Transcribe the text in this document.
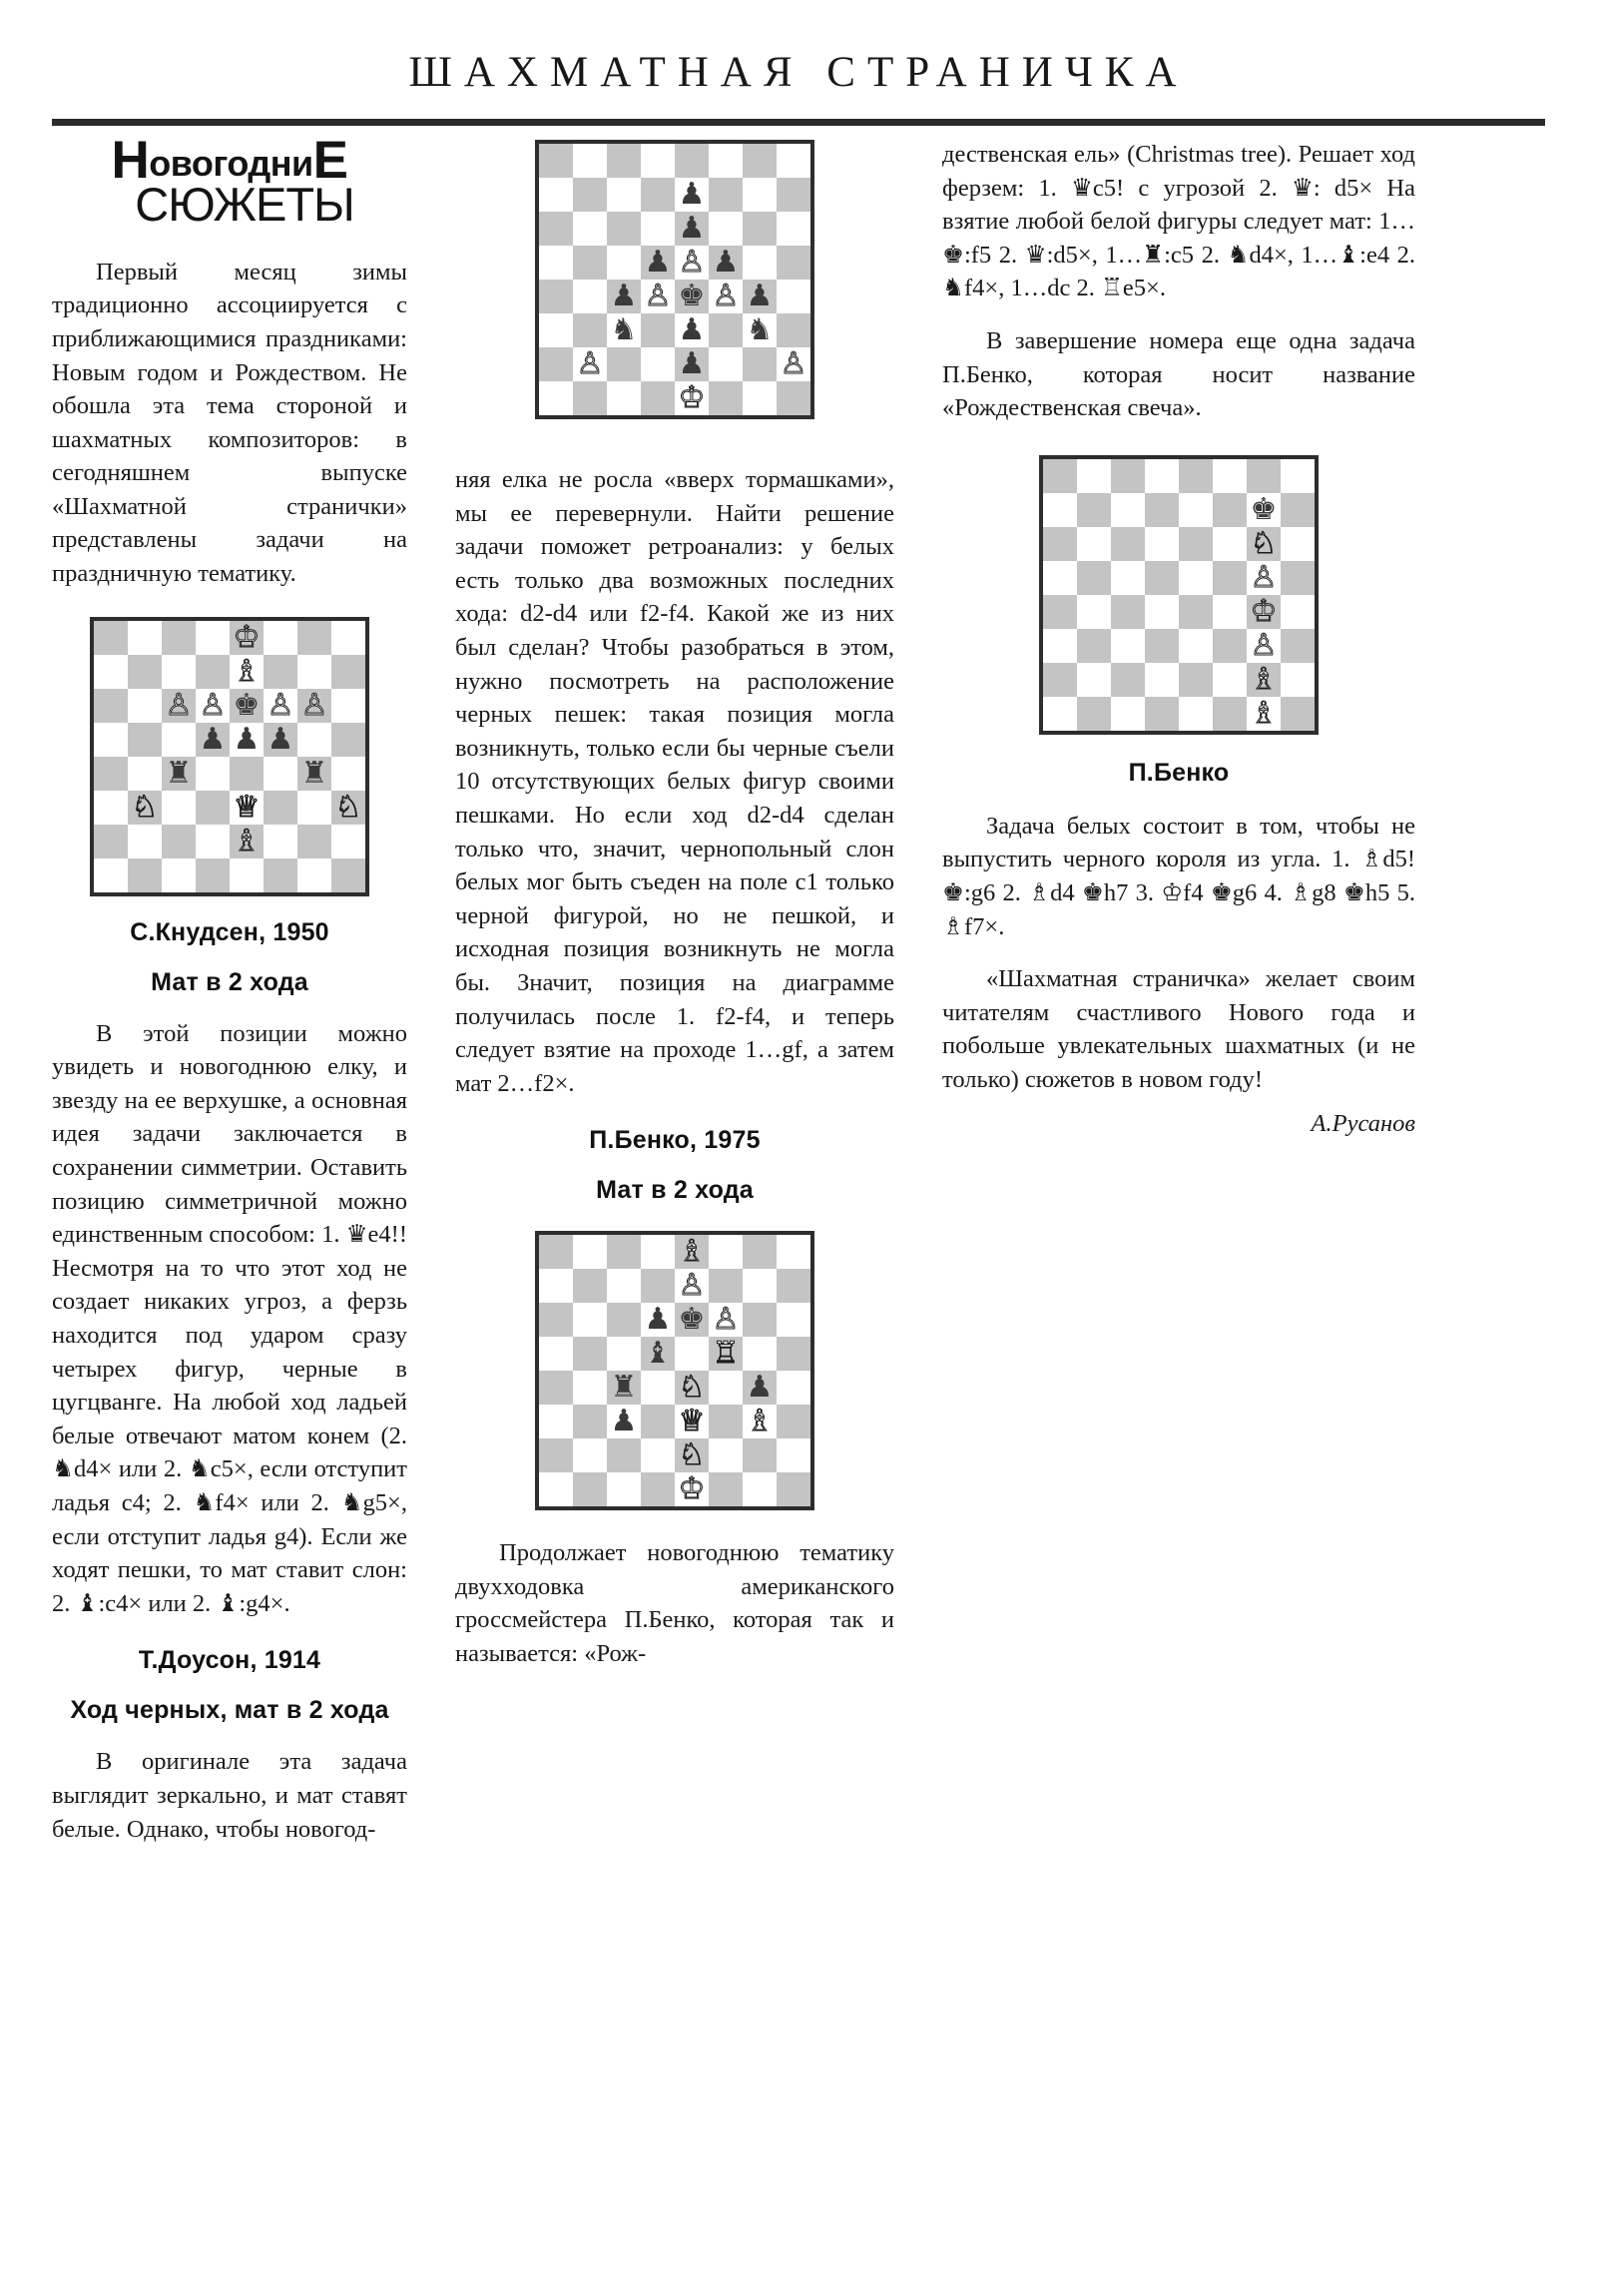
ШАХМАТНАЯ СТРАНИЧКА
НовогодниЕ
СЮЖЕТЫ

Первый месяц зимы традиционно ассоциируется с приближающимися праздниками: Новым годом и Рождеством. Не обошла эта тема стороной и шахматных композиторов: в сегодняшнем выпуске «Шахматной странички» представлены задачи на праздничную тематику.

♔
♗
♙ ♙ ♚ ♙ ♙
♟ ♟ ♟
♜	♜
♘	♕	♘
♗
С.Кнудсен, 1950
Мат в 2 хода

В этой позиции можно увидеть и новогоднюю елку, и звезду на ее верхушке, а основная идея задачи заключается в сохранении симметрии. Оставить позицию симметричной можно единственным способом: 1. ♛e4!! Несмотря на то что этот ход не создает никаких угроз, а ферзь находится под ударом сразу четырех фигур, черные в цугцванге. На любой ход ладьей белые отвечают матом конем (2. ♞d4× или 2. ♞c5×, если отступит ладья c4; 2. ♞f4× или 2. ♞g5×, если отступит ладья g4). Если же ходят пешки, то мат ставит слон: 2. ♝:c4× или 2. ♝:g4×.

Т.Доусон, 1914
Ход черных, мат в 2 хода

В оригинале эта задача выглядит зеркально, и мат ставят белые. Однако, чтобы новогод-

♟
♟
♟ ♙ ♟
♟ ♙ ♚ ♙ ♟
♞ ♟ ♞
♙	♟	♙
♔

няя елка не росла «вверх тормашками», мы ее перевернули. Найти решение задачи поможет ретроанализ: у белых есть только два возможных последних хода: d2-d4 или f2-f4. Какой же из них был сделан? Чтобы разобраться в этом, нужно посмотреть на расположение черных пешек: такая позиция могла возникнуть, только если бы черные съели 10 отсутствующих белых фигур своими пешками. Но если ход d2-d4 сделан только что, значит, чернопольный слон белых мог быть съеден на поле c1 только черной фигурой, но не пешкой, и исходная позиция возникнуть не могла бы. Значит, позиция на диаграмме получилась после 1. f2-f4, и теперь следует взятие на проходе 1…gf, а затем мат 2…f2×.

П.Бенко, 1975
Мат в 2 хода
♗
♙
♟ ♚ ♙
♝ ♖
♜ ♘ ♟
♟ ♕ ♗
♘
♔

Продолжает новогоднюю тематику двухходовка американского гроссмейстера П.Бенко, которая так и называется: «Рож-

дественская ель» (Christmas tree). Решает ход ферзем: 1. ♛c5! с угрозой 2. ♛: d5× На взятие любой белой фигуры следует мат: 1…♚:f5 2. ♛:d5×, 1…♜:c5 2. ♞d4×, 1…♝:e4 2. ♞f4×, 1…dc 2. ♖e5×.

В завершение номера еще одна задача П.Бенко, которая носит название «Рождественская свеча».

♚
♘
♙
♔
♙
♗
♗
П.Бенко

Задача белых состоит в том, чтобы не выпустить черного короля из угла. 1. ♗d5! ♚:g6 2. ♗d4 ♚h7 3. ♔f4 ♚g6 4. ♗g8 ♚h5 5. ♗f7×.

«Шахматная страничка» желает своим читателям счастливого Нового года и побольше увлекательных шахматных (и не только) сюжетов в новом году!

А.Русанов
